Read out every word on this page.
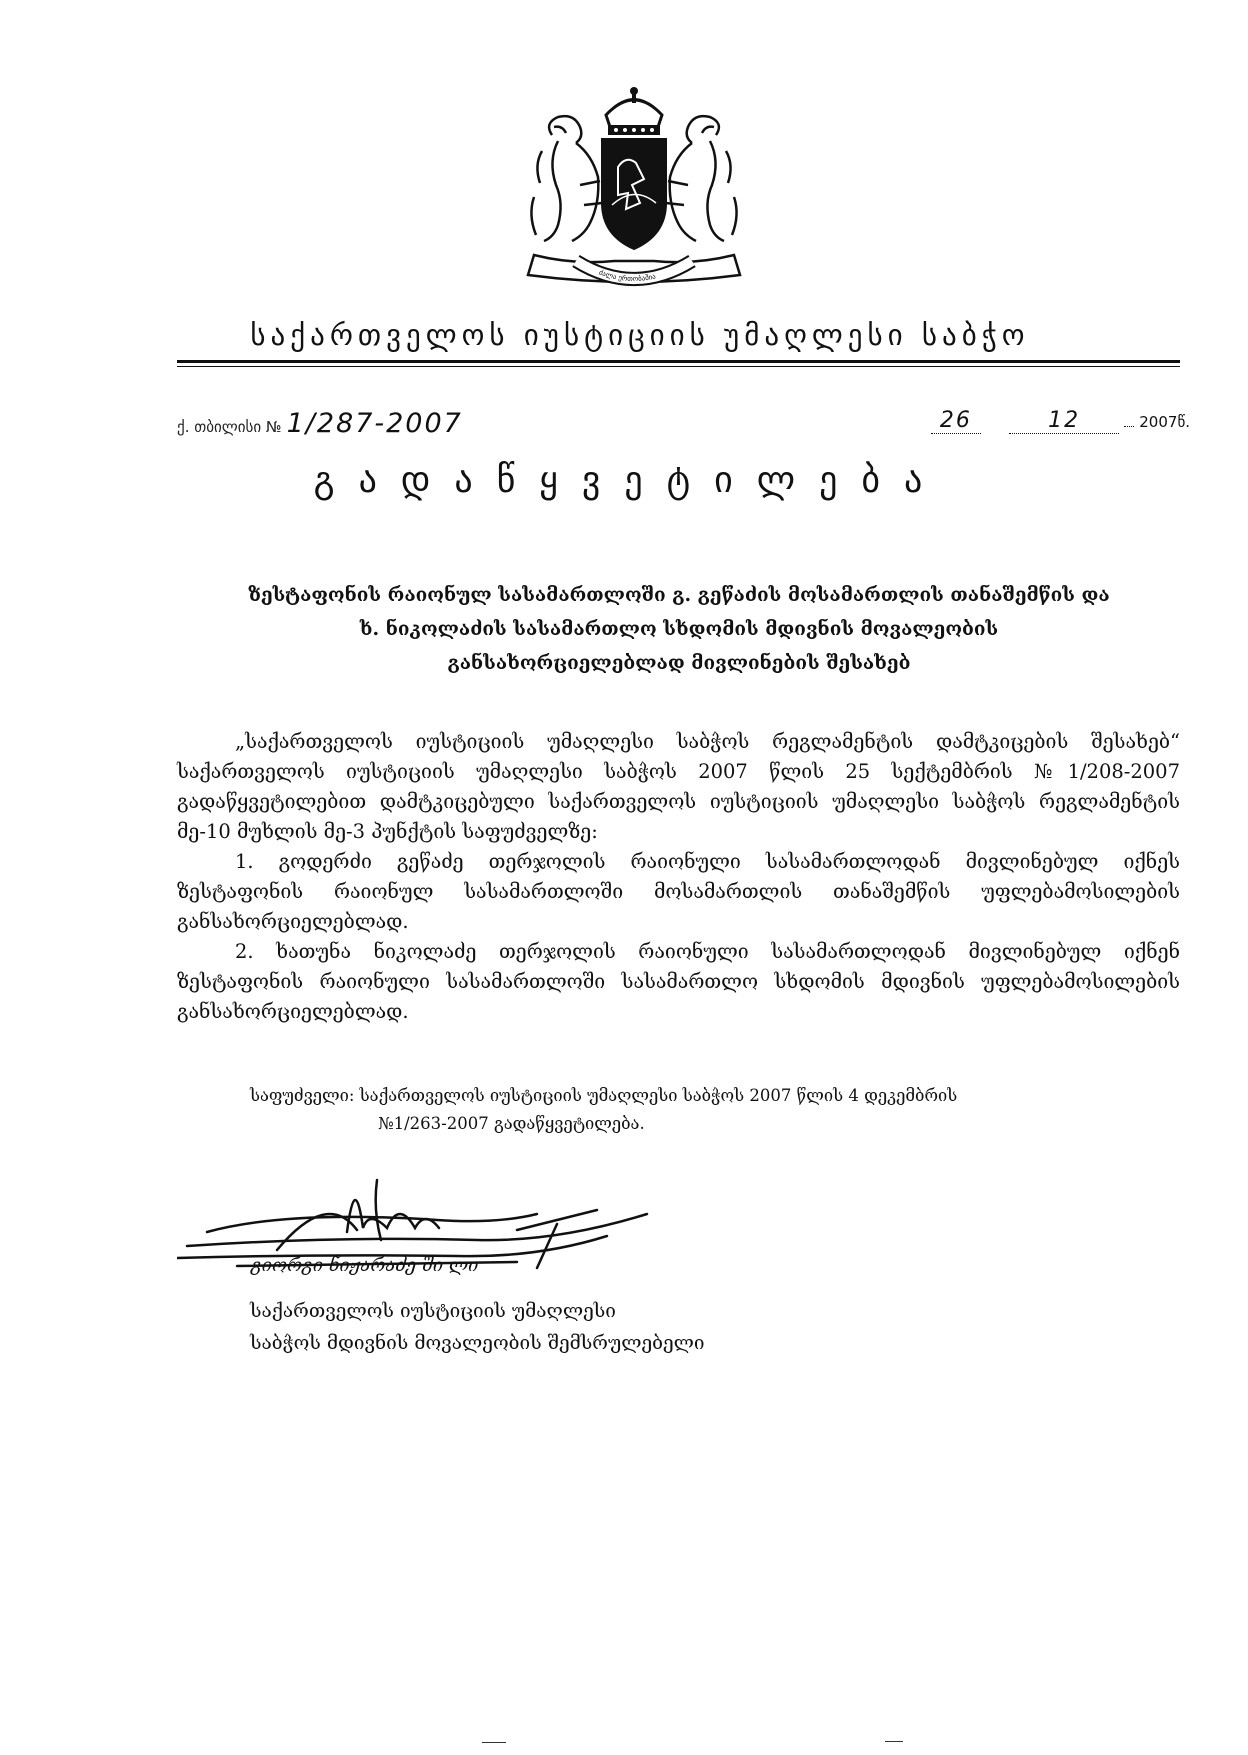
ძალა ერთობაშია
საქართველოს იუსტიციის უმაღლესი საბჭო
ქ. თბილისი № 1/287-2007	26	12	2007წ.
გადაწყვეტილება
ზესტაფონის რაიონულ სასამართლოში გ. გეწაძის მოსამართლის თანაშემწის და
ხ. ნიკოლაძის სასამართლო სხდომის მდივნის მოვალეობის
განსახორციელებლად მივლინების შესახებ

„საქართველოს იუსტიციის უმაღლესი საბჭოს რეგლამენტის დამტკიცების შესახებ“ საქართველოს იუსტიციის უმაღლესი საბჭოს 2007 წლის 25 სექტემბრის №1/208-2007 გადაწყვეტილებით დამტკიცებული საქართველოს იუსტიციის უმაღლესი საბჭოს რეგლამენტის მე-10 მუხლის მე-3 პუნქტის საფუძველზე:

1. გოდერძი გეწაძე თერჯოლის რაიონული სასამართლოდან მივლინებულ იქნეს ზესტაფონის რაიონულ სასამართლოში მოსამართლის თანაშემწის უფლებამოსილების განსახორციელებლად.

2. ხათუნა ნიკოლაძე თერჯოლის რაიონული სასამართლოდან მივლინებულ იქნენ ზესტაფონის რაიონული სასამართლოში სასამართლო სხდომის მდივნის უფლებამოსილების განსახორციელებლად.

საფუძველი: საქართველოს იუსტიციის უმაღლესი საბჭოს 2007 წლის 4 დეკემბრის
№1/263-2007 გადაწყვეტილება.
გიორგი ნიჟარაძე ში ლი
საქართველოს იუსტიციის უმაღლესი
საბჭოს მდივნის მოვალეობის შემსრულებელი
